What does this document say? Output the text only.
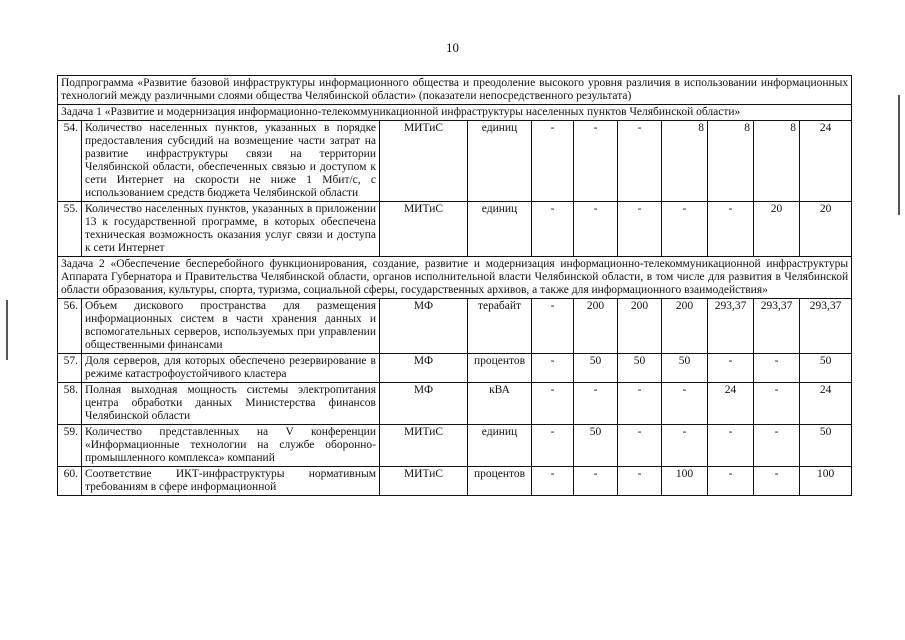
10
Подпрограмма «Развитие базовой инфраструктуры информационного общества и преодоление высокого уровня различия в использовании информационных технологий между различными слоями общества Челябинской области» (показатели непосредственного результата)										
Задача 1 «Развитие и модернизация информационно-телекоммуникационной инфраструктуры населенных пунктов Челябинской области»										
54.	Количество населенных пунктов, указанных в порядке предоставления субсидий на возмещение части затрат на развитие инфраструктуры связи на территории Челябинской области, обеспеченных связью и доступом к сети Интернет на скорости не ниже 1 Мбит/с, с использованием средств бюджета Челябинской области	МИТиС	единиц	-	-	-	8	8	8	24
55.	Количество населенных пунктов, указанных в приложении 13 к государственной программе, в которых обеспечена техническая возможность оказания услуг связи и доступа к сети Интернет	МИТиС	единиц	-	-	-	-	-	20	20
Задача 2 «Обеспечение бесперебойного функционирования, создание, развитие и модернизация информационно-телекоммуникационной инфраструктуры Аппарата Губернатора и Правительства Челябинской области, органов исполнительной власти Челябинской области, в том числе для развития в Челябинской области образования, культуры, спорта, туризма, социальной сферы, государственных архивов, а также для информационного взаимодействия»										
56.	Объем дискового пространства для размещения информационных систем в части хранения данных и вспомогательных серверов, используемых при управлении общественными финансами	МФ	терабайт	-	200	200	200	293,37	293,37	293,37
57.	Доля серверов, для которых обеспечено резервирование в режиме катастрофоустойчивого кластера	МФ	процентов	-	50	50	50	-	-	50
58.	Полная выходная мощность системы электропитания центра обработки данных Министерства финансов Челябинской области	МФ	кВА	-	-	-	-	24	-	24
59.	Количество представленных на V конференции «Информационные технологии на службе оборонно-промышленного комплекса» компаний	МИТиС	единиц	-	50	-	-	-	-	50
60.	Соответствие ИКТ-инфраструктуры нормативным требованиям в сфере информационной	МИТиС	процентов	-	-	-	100	-	-	100
